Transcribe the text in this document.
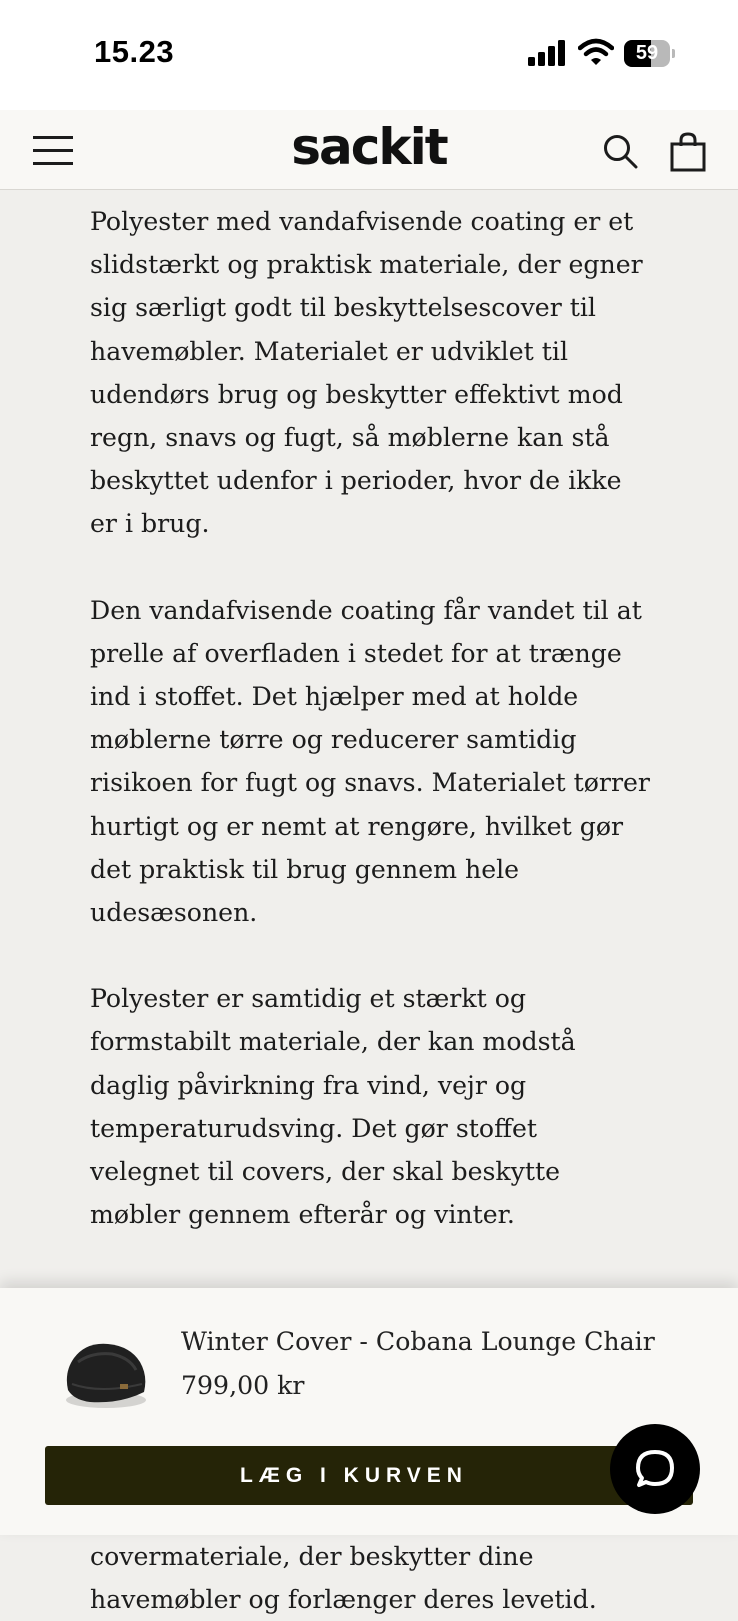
15.23	59
sackit

Polyester med vandafvisende coating er et slidstærkt og praktisk materiale, der egner sig særligt godt til beskyttelsescover til havemøbler. Materialet er udviklet til udendørs brug og beskytter effektivt mod regn, snavs og fugt, så møblerne kan stå beskyttet udenfor i perioder, hvor de ikke er i brug.

Den vandafvisende coating får vandet til at prelle af overfladen i stedet for at trænge ind i stoffet. Det hjælper med at holde møblerne tørre og reducerer samtidig risikoen for fugt og snavs. Materialet tørrer hurtigt og er nemt at rengøre, hvilket gør det praktisk til brug gennem hele udesæsonen.

Polyester er samtidig et stærkt og formstabilt materiale, der kan modstå daglig påvirkning fra vind, vejr og temperaturudsving. Det gør stoffet velegnet til covers, der skal beskytte møbler gennem efterår og vinter.

covermateriale, der beskytter dine havemøbler og forlænger deres levetid.

Winter Cover - Cobana Lounge Chair
799,00 kr
LÆG I KURVEN
